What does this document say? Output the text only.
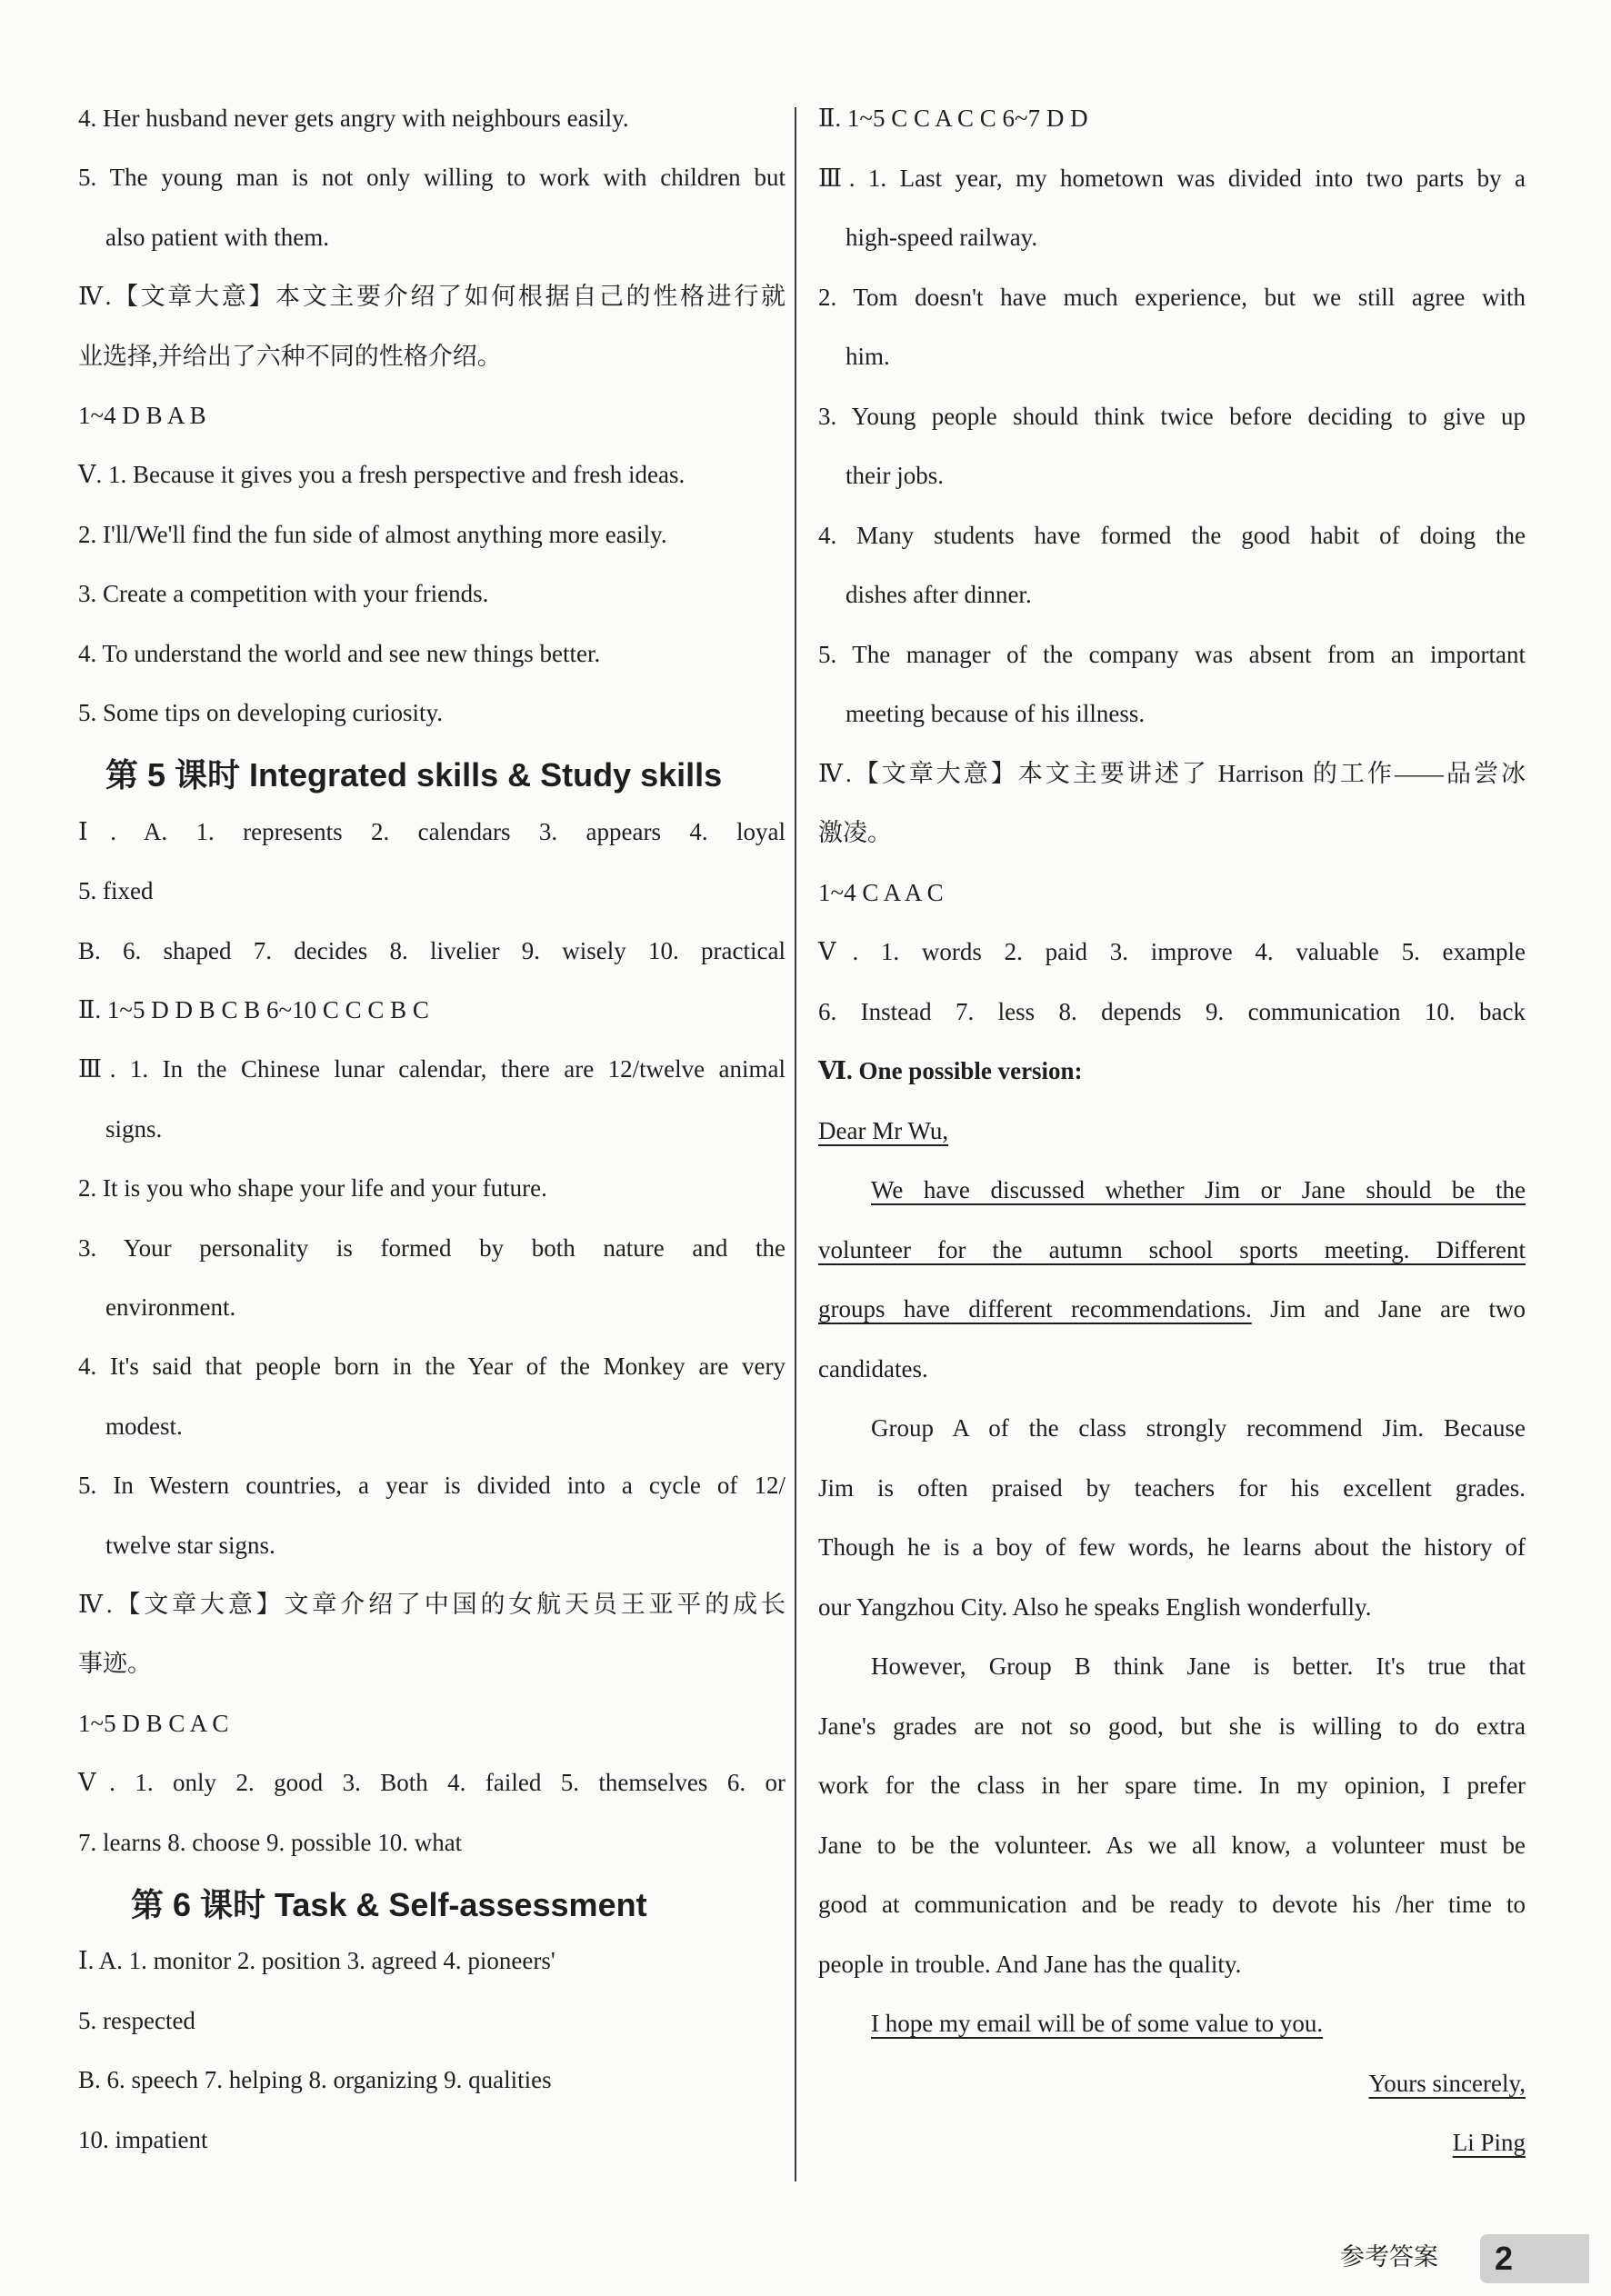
4. Her husband never gets angry with neighbours easily.
5. The young man is not only willing to work with children but
also patient with them.
Ⅳ.【文章大意】本文主要介绍了如何根据自己的性格进行就
业选择,并给出了六种不同的性格介绍。
1~4 D B A B
Ⅴ. 1. Because it gives you a fresh perspective and fresh ideas.
2. I'll/We'll find the fun side of almost anything more easily.
3. Create a competition with your friends.
4. To understand the world and see new things better.
5. Some tips on developing curiosity.
第 5 课时 Integrated skills & Study skills
Ⅰ. A. 1. represents 2. calendars 3. appears 4. loyal
5. fixed
B. 6. shaped 7. decides 8. livelier 9. wisely 10. practical
Ⅱ. 1~5 D D B C B 6~10 C C C B C
Ⅲ. 1. In the Chinese lunar calendar, there are 12/twelve animal
signs.
2. It is you who shape your life and your future.
3. Your personality is formed by both nature and the
environment.
4. It's said that people born in the Year of the Monkey are very
modest.
5. In Western countries, a year is divided into a cycle of 12/
twelve star signs.
Ⅳ.【文章大意】文章介绍了中国的女航天员王亚平的成长
事迹。
1~5 D B C A C
Ⅴ. 1. only 2. good 3. Both 4. failed 5. themselves 6. or
7. learns 8. choose 9. possible 10. what
第 6 课时 Task & Self-assessment
Ⅰ. A. 1. monitor 2. position 3. agreed 4. pioneers'
5. respected
B. 6. speech 7. helping 8. organizing 9. qualities
10. impatient
Ⅱ. 1~5 C C A C C 6~7 D D
Ⅲ. 1. Last year, my hometown was divided into two parts by a
high-speed railway.
2. Tom doesn't have much experience, but we still agree with
him.
3. Young people should think twice before deciding to give up
their jobs.
4. Many students have formed the good habit of doing the
dishes after dinner.
5. The manager of the company was absent from an important
meeting because of his illness.
Ⅳ.【文章大意】本文主要讲述了 Harrison 的工作——品尝冰
激凌。
1~4 C A A C
Ⅴ. 1. words 2. paid 3. improve 4. valuable 5. example
6. Instead 7. less 8. depends 9. communication 10. back
Ⅵ. One possible version:
Dear Mr Wu,
We have discussed whether Jim or Jane should be the
volunteer for the autumn school sports meeting. Different
groups have different recommendations. Jim and Jane are two
candidates.
Group A of the class strongly recommend Jim. Because
Jim is often praised by teachers for his excellent grades.
Though he is a boy of few words, he learns about the history of
our Yangzhou City. Also he speaks English wonderfully.
However, Group B think Jane is better. It's true that
Jane's grades are not so good, but she is willing to do extra
work for the class in her spare time. In my opinion, I prefer
Jane to be the volunteer. As we all know, a volunteer must be
good at communication and be ready to devote his /her time to
people in trouble. And Jane has the quality.
I hope my email will be of some value to you.
Yours sincerely,
Li Ping
参考答案	2
